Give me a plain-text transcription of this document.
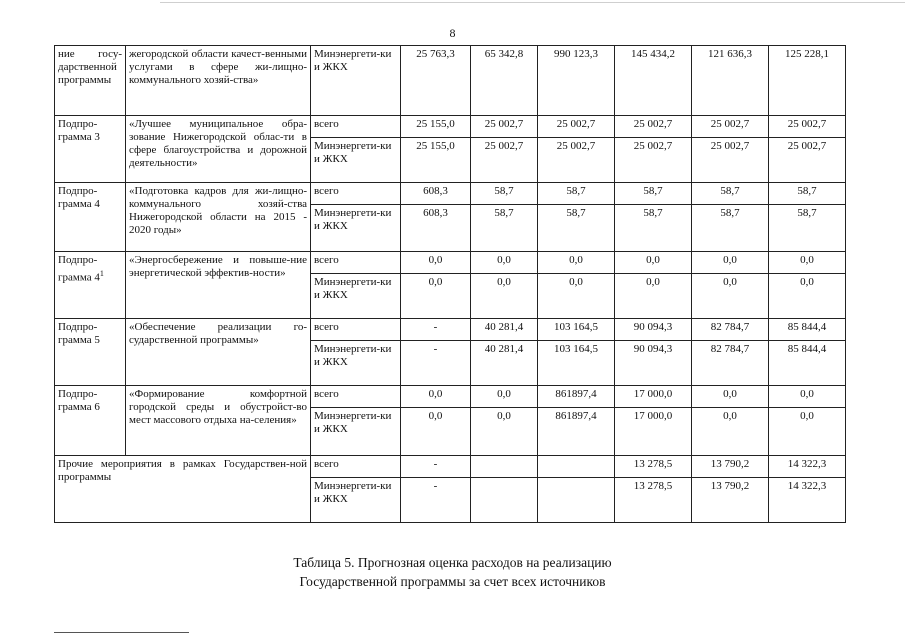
8
ние госу-дарственной программы	жегородской области качест-венными услугами в сфере жи-лищно-коммунального хозяй-ства»	Минэнергети-ки и ЖКХ	25 763,3	65 342,8	990 123,3	145 434,2	121 636,3	125 228,1
Подпро-грамма 3	«Лучшее муниципальное обра-зование Нижегородской облас-ти в сфере благоустройства и дорожной деятельности»	всего	25 155,0	25 002,7	25 002,7	25 002,7	25 002,7	25 002,7
		Минэнергети-ки и ЖКХ	25 155,0	25 002,7	25 002,7	25 002,7	25 002,7	25 002,7
Подпро-грамма 4	«Подготовка кадров для жи-лищно-коммунального хозяй-ства Нижегородской области на 2015 - 2020 годы»	всего	608,3	58,7	58,7	58,7	58,7	58,7
		Минэнергети-ки и ЖКХ	608,3	58,7	58,7	58,7	58,7	58,7
Подпро-грамма $4^1$	«Энергосбережение и повыше-ние энергетической эффектив-ности»	всего	0,0	0,0	0,0	0,0	0,0	0,0
		Минэнергети-ки и ЖКХ	0,0	0,0	0,0	0,0	0,0	0,0
Подпро-грамма 5	«Обеспечение реализации го-сударственной программы»	всего	-	40 281,4	103 164,5	90 094,3	82 784,7	85 844,4
		Минэнергети-ки и ЖКХ	-	40 281,4	103 164,5	90 094,3	82 784,7	85 844,4
Подпро-грамма 6	«Формирование комфортной городской среды и обустройст-во мест массового отдыха на-селения»	всего	0,0	0,0	861897,4	17 000,0	0,0	0,0
		Минэнергети-ки и ЖКХ	0,0	0,0	861897,4	17 000,0	0,0	0,0
Прочие мероприятия в рамках Государствен-ной программы		всего	-			13 278,5	13 790,2	14 322,3
		Минэнергети-ки и ЖКХ	-			13 278,5	13 790,2	14 322,3
Таблица 5. Прогнозная оценка расходов на реализацию
Государственной программы за счет всех источников
